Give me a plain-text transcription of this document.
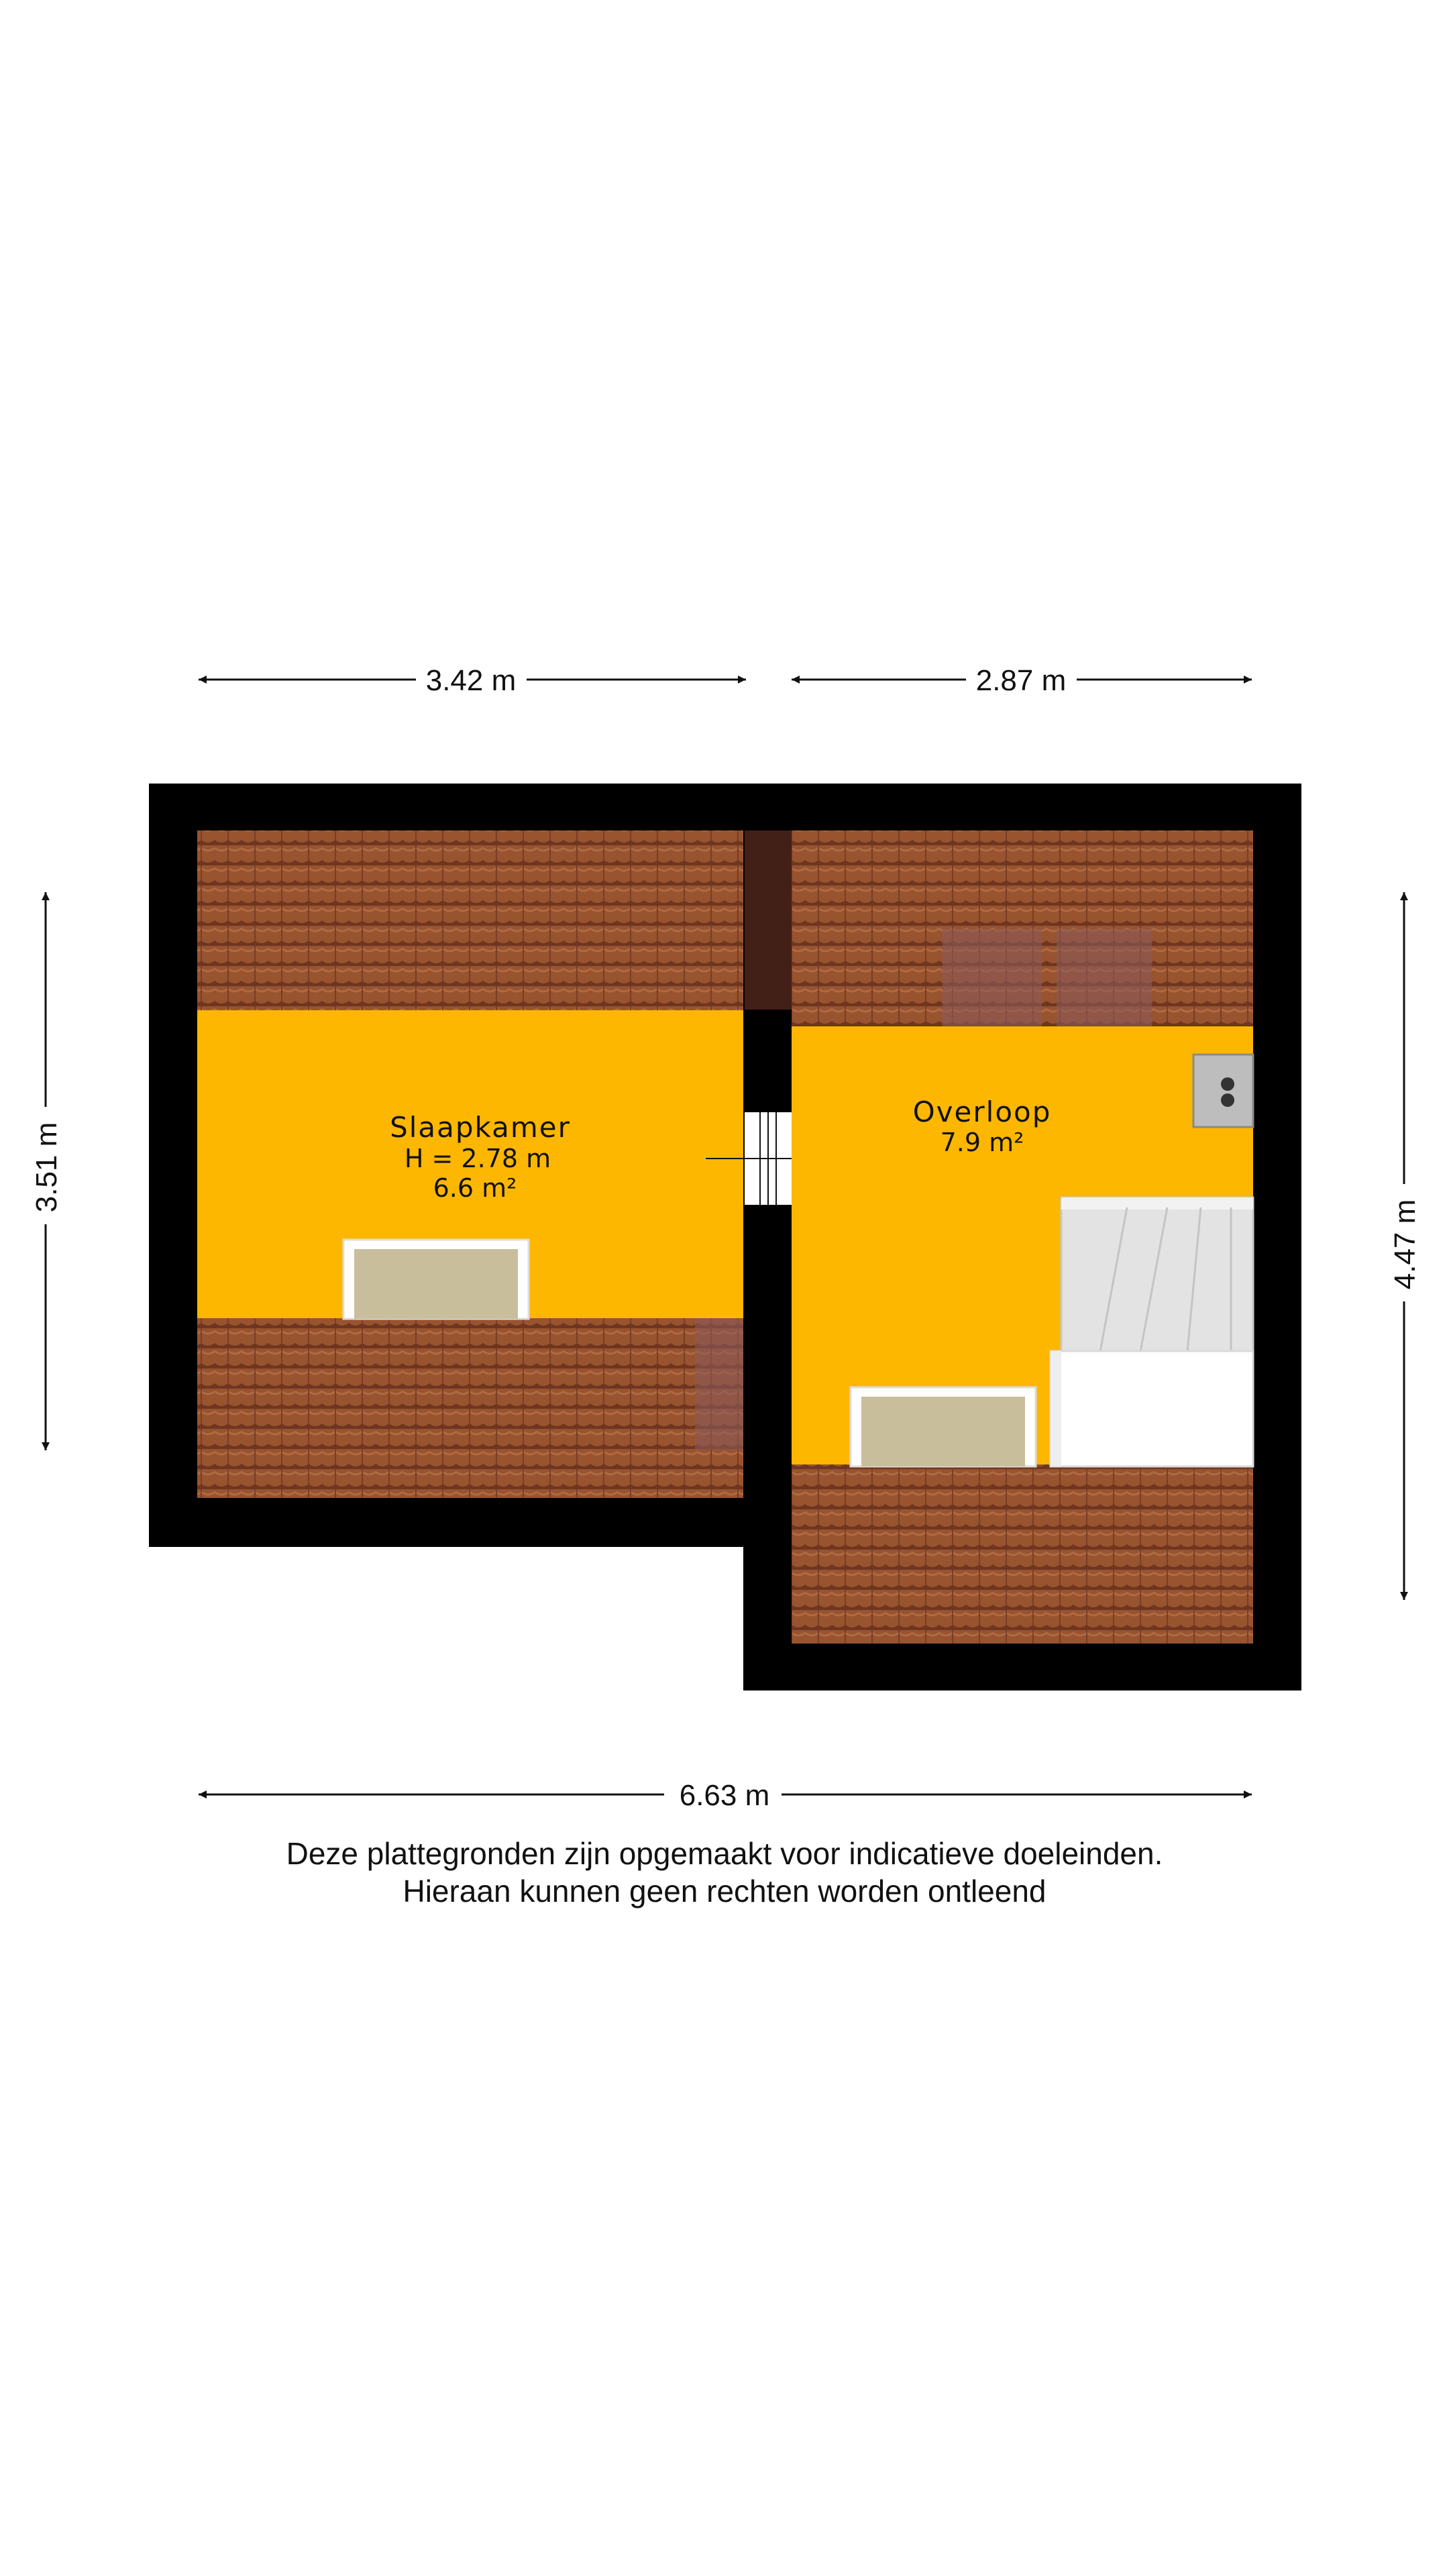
3.42 m	2.87 m
3.51 m
4.47 m
6.63 m
Slaapkamer
H = 2.78 m
6.6 m²
Overloop
7.9 m²
Deze plattegronden zijn opgemaakt voor indicatieve doeleinden.
Hieraan kunnen geen rechten worden ontleend
